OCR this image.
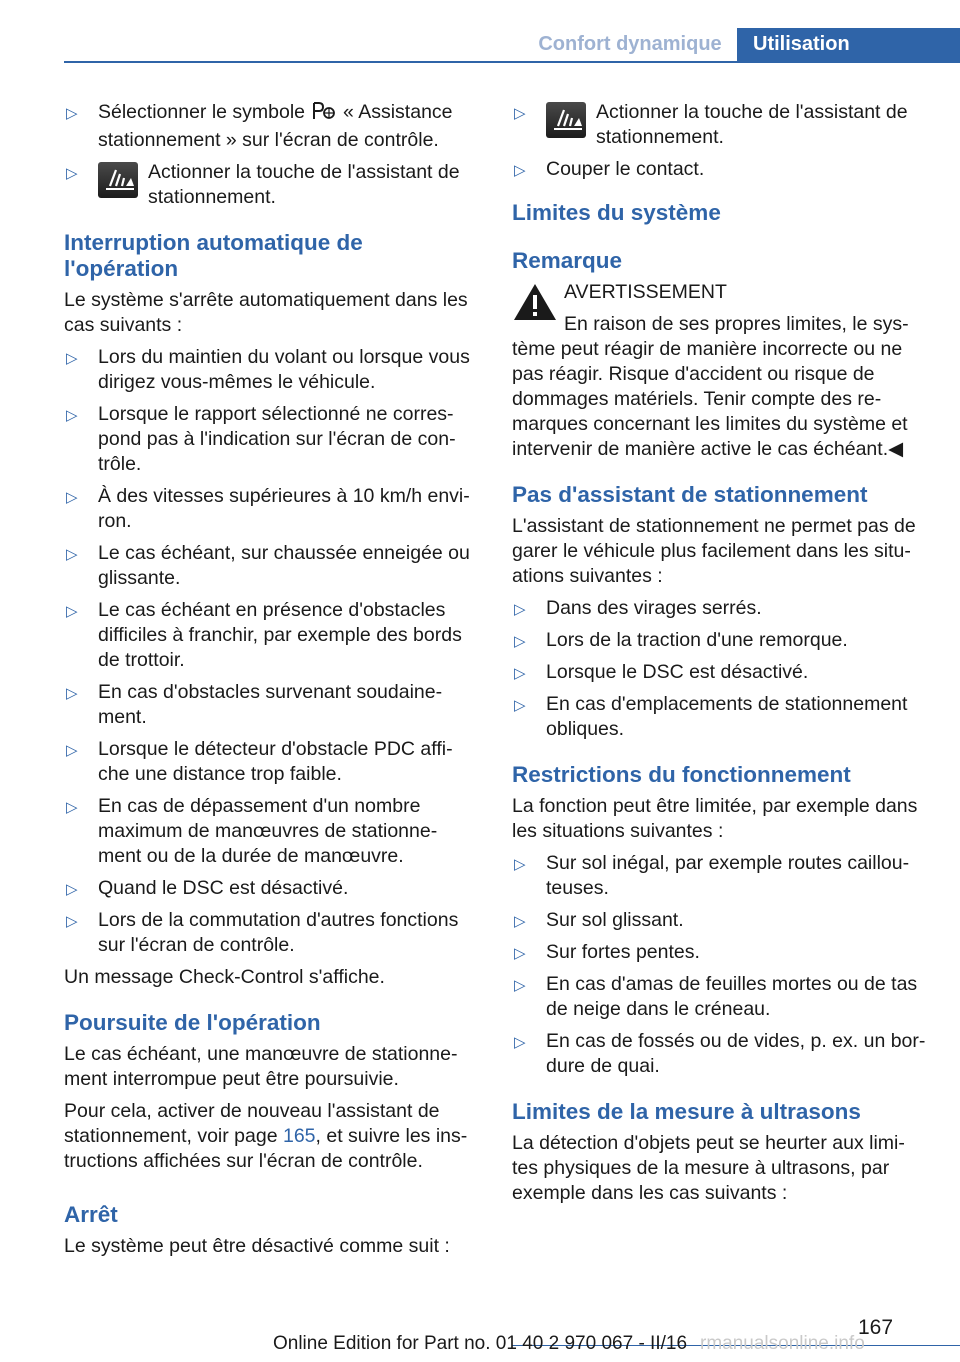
Confort dynamique	Utilisation
▷ Sélectionner le symbole « Assistance stationnement » sur l'écran de contrôle.
▷	Actionner la touche de l'assistant de stationnement.
Interruption automatique de l'opération

Le système s'arrête automatiquement dans les cas suivants :

▷ Lors du maintien du volant ou lorsque vous dirigez vous-mêmes le véhicule.
▷ Lorsque le rapport sélectionné ne corres‐ pond pas à l'indication sur l'écran de con‐ trôle.
▷ À des vitesses supérieures à 10 km/h envi‐ ron.
▷ Le cas échéant, sur chaussée enneigée ou glissante.
▷ Le cas échéant en présence d'obstacles difficiles à franchir, par exemple des bords de trottoir.
▷ En cas d'obstacles survenant soudaine‐ ment.
▷ Lorsque le détecteur d'obstacle PDC affi‐ che une distance trop faible.
▷ En cas de dépassement d'un nombre maximum de manœuvres de stationne‐ ment ou de la durée de manœuvre.
▷ Quand le DSC est désactivé.
▷ Lors de la commutation d'autres fonctions sur l'écran de contrôle.

Un message Check-Control s'affiche.

Poursuite de l'opération

Le cas échéant, une manœuvre de stationne‐ ment interrompue peut être poursuivie.

Pour cela, activer de nouveau l'assistant de stationnement, voir page 165, et suivre les ins‐ tructions affichées sur l'écran de contrôle.

Arrêt

Le système peut être désactivé comme suit :

▷	Actionner la touche de l'assistant de stationnement.
▷ Couper le contact.
Limites du système
Remarque
AVERTISSEMENT
En raison de ses propres limites, le sys‐

tème peut réagir de manière incorrecte ou ne pas réagir. Risque d'accident ou risque de dommages matériels. Tenir compte des re‐ marques concernant les limites du système et intervenir de manière active le cas échéant.◀

Pas d'assistant de stationnement

L'assistant de stationnement ne permet pas de garer le véhicule plus facilement dans les situ‐ ations suivantes :

▷ Dans des virages serrés.
▷ Lors de la traction d'une remorque.
▷ Lorsque le DSC est désactivé.
▷ En cas d'emplacements de stationnement obliques.
Restrictions du fonctionnement

La fonction peut être limitée, par exemple dans les situations suivantes :

▷ Sur sol inégal, par exemple routes caillou‐ teuses.
▷ Sur sol glissant.
▷ Sur fortes pentes.
▷ En cas d'amas de feuilles mortes ou de tas de neige dans le créneau.
▷ En cas de fossés ou de vides, p. ex. un bor‐ dure de quai.
Limites de la mesure à ultrasons

La détection d'objets peut se heurter aux limi‐ tes physiques de la mesure à ultrasons, par exemple dans les cas suivants :

167
Online Edition for Part no. 01 40 2 970 067 - II/16 rmanualsonline.info
